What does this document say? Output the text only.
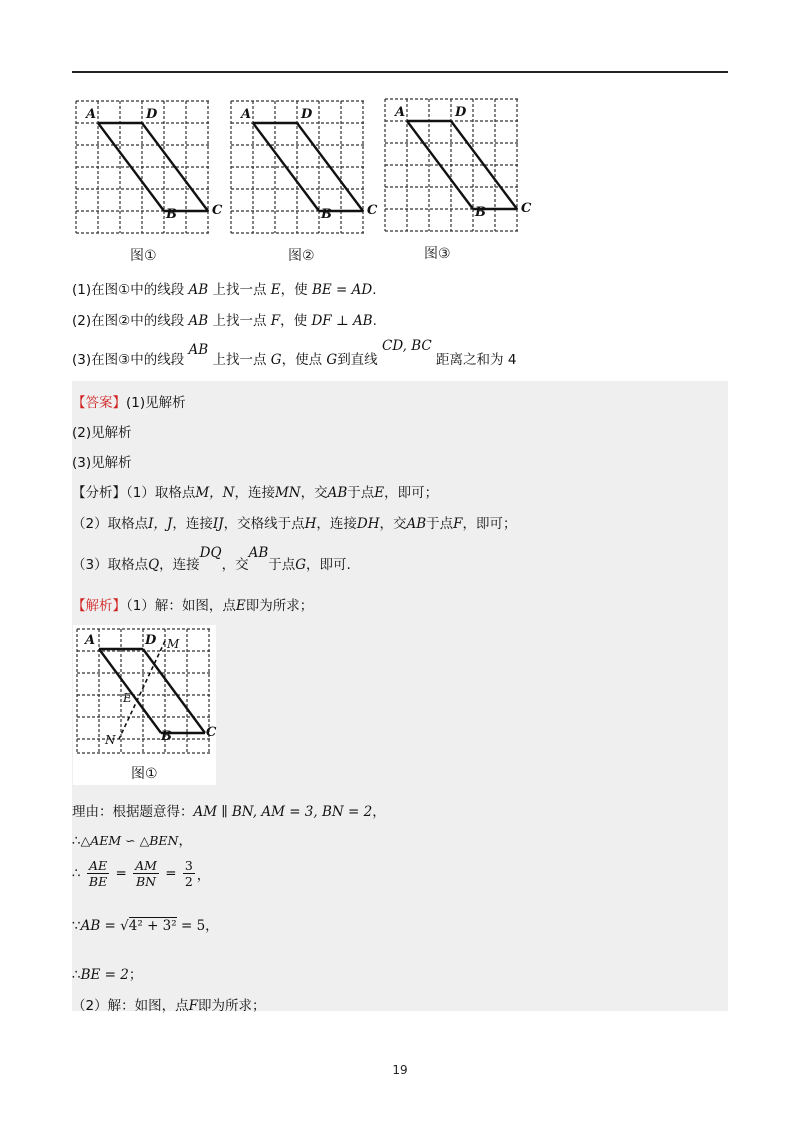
A	D
B	C
图①
A	D
B	C
图②
A	D
B	C
图③
(1)在图①中的线段 AB 上找一点 E，使 BE = AD.
(2)在图②中的线段 AB 上找一点 F，使 DF ⊥ AB.
(3)在图③中的线段 AB 上找一点 G，使点 G到直线 CD, BC 距离之和为 4
【答案】(1)见解析
(2)见解析
(3)见解析
【分析】（1）取格点M，N，连接MN，交AB于点E，即可；
（2）取格点I，J，连接IJ，交格线于点H，连接DH，交AB于点F，即可；
（3）取格点Q，连接DQ，交AB于点G，即可.
【解析】（1）解：如图，点E即为所求；
A	D M
E
N	B	C
图①
理由：根据题意得：AM ∥ BN, AM = 3, BN = 2，
∴△AEM ∽ △BEN，
∴ $\frac{AE}{BE} = \frac{AM}{BN} = \frac{3}{2}$ ，
∵AB = √4² + 3² = 5，
∴BE = 2；
（2）解：如图，点F即为所求；
19
